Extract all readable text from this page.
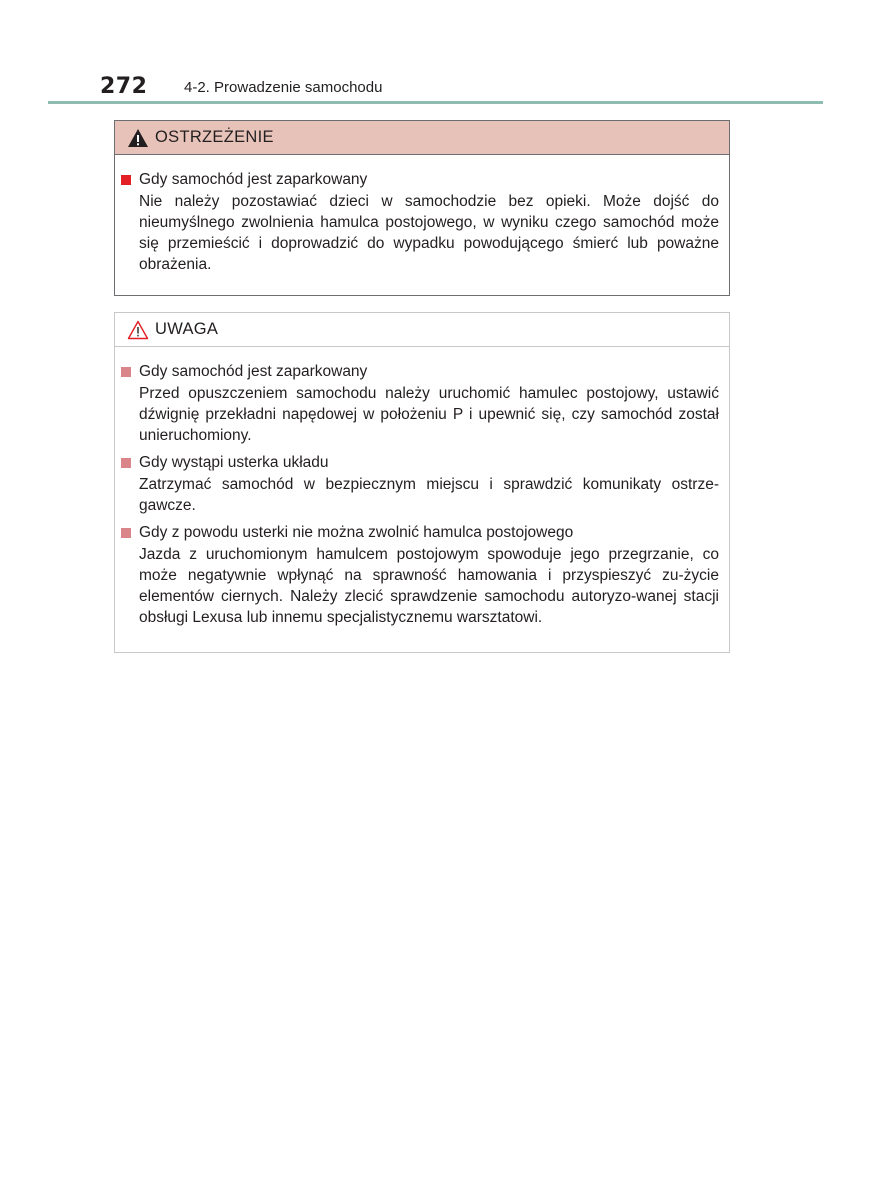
272 4-2. Prowadzenie samochodu
OSTRZEŻENIE
Gdy samochód jest zaparkowany
Nie należy pozostawiać dzieci w samochodzie bez opieki. Może dojść do nieumyślnego zwolnienia hamulca postojowego, w wyniku czego samochód może się przemieścić i doprowadzić do wypadku powodującego śmierć lub poważne obrażenia.
UWAGA
Gdy samochód jest zaparkowany
Przed opuszczeniem samochodu należy uruchomić hamulec postojowy, ustawić dźwignię przekładni napędowej w położeniu P i upewnić się, czy samochód został unieruchomiony.
Gdy wystąpi usterka układu
Zatrzymać samochód w bezpiecznym miejscu i sprawdzić komunikaty ostrze-gawcze.
Gdy z powodu usterki nie można zwolnić hamulca postojowego
Jazda z uruchomionym hamulcem postojowym spowoduje jego przegrzanie, co może negatywnie wpłynąć na sprawność hamowania i przyspieszyć zu-życie elementów ciernych. Należy zlecić sprawdzenie samochodu autoryzo-wanej stacji obsługi Lexusa lub innemu specjalistycznemu warsztatowi.
